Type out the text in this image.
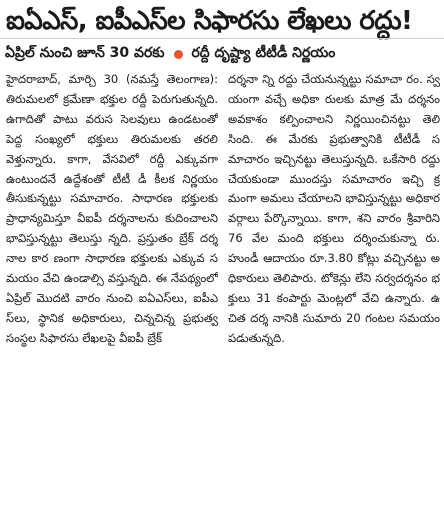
ఐఏఎస్, ఐపీఎస్‌ల సిఫారసు లేఖలు రద్దు!
ఏప్రిల్ నుంచి జూన్ 30 వరకు రద్దీ దృష్ట్యా టీటీడీ నిర్ణయం

హైదరాబాద్, మార్చి 30 (నమస్తే తెలంగాణ): తిరుమలలో క్రమేణా భక్తుల రద్దీ పెరుగుతున్నది. ఉగాదితో పాటు వరుస సెలవులు ఉండటంతో పెద్ద సంఖ్యలో భక్తులు తిరుమలకు తరలి వెళ్తున్నారు. కాగా, వేసవిలో రద్దీ ఎక్కువగా ఉంటుందనే ఉద్దేశంతో టీటీ డీ కీలక నిర్ణయం తీసుకున్నట్టు సమాచారం. సాధారణ భక్తులకు ప్రాధాన్యమిస్తూ వీఐపీ దర్శనాలను కుదించాలని భావిస్తున్నట్టు తెలుస్తు న్నది. ప్రస్తుతం బ్రేక్ దర్శనాల కార ణంగా సాధారణ భక్తులకు ఎక్కువ సమయం వేచి ఉండాల్సి వస్తున్నది. ఈ నేపథ్యంలో ఏప్రిల్ మొదటి వారం నుంచి ఐఏఎస్‌లు, ఐపీఎస్‌లు, స్థానిక అధికారులు, చిన్నచిన్న ప్రభుత్వ సంస్థల సిఫారసు లేఖలపై వీఐపీ బ్రేక్

దర్శనా న్ని రద్దు చేయనున్నట్టు సమాచా రం. స్వయంగా వచ్చే అధికా రులకు మాత్ర మే దర్శనం అవకాశం కల్పించాలని నిర్ణయించినట్టు తెలి సింది. ఈ మేరకు ప్రభుత్వానికి టీటీడీ సమాచారం ఇచ్చినట్టు తెలుస్తున్నది. ఒకేసారి రద్దు చేయకుండా ముందస్తు సమాచారం ఇచ్చి క్రమంగా అమలు చేయాలని భావిస్తున్నట్టు అధికార వర్గాలు పేర్కొన్నాయి. కాగా, శని వారం శ్రీవారిని 76 వేల మంది భక్తులు దర్శించుకున్నా రు. హుండీ ఆదాయం రూ.3.80 కోట్లు వచ్చినట్టు అధికారులు తెలిపారు. టోకెన్లు లేని సర్వదర్శనం భక్తులు 31 కంపార్టు మెంట్లలో వేచి ఉన్నారు. ఉచిత దర్శ నానికి సుమారు 20 గంటల సమయం పడుతున్నది.
